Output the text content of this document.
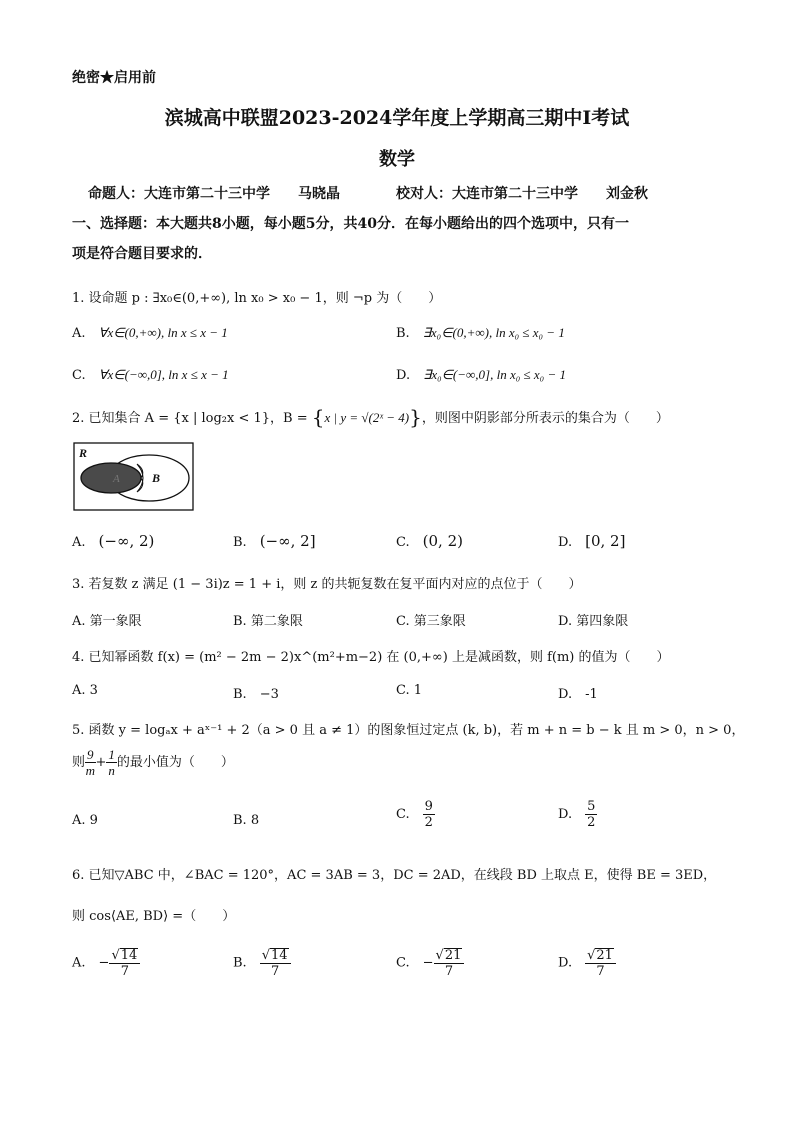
绝密★启用前
滨城高中联盟2023-2024学年度上学期高三期中Ⅰ考试
数学
命题人：大连市第二十三中学　　马晓晶　　　　校对人：大连市第二十三中学　　刘金秋
一、选择题：本大题共8小题，每小题5分，共40分．在每小题给出的四个选项中，只有一
项是符合题目要求的．
1. 设命题 p : ∃x₀∈(0,+∞), ln x₀ > x₀ − 1，则 ¬p 为（　　）
A.　 ∀x∈(0,+∞), ln x ≤ x − 1	B.　 ∃x₀∈(0,+∞), ln x₀ ≤ x₀ − 1
C.　 ∀x∈(−∞,0], ln x ≤ x − 1	D.　 ∃x₀∈(−∞,0], ln x₀ ≤ x₀ − 1
2. 已知集合 A = {x | log₂x < 1}，B = {x | y = √(2ˣ − 4)}，则图中阴影部分所表示的集合为（　　）
R
A	B
A.　 (−∞, 2)	B.　 (−∞, 2]	C.　 (0, 2)	D.　 [0, 2]
3. 若复数 z 满足 (1 − 3i)z = 1 + i，则 z 的共轭复数在复平面内对应的点位于（　　）
A. 第一象限	B. 第二象限	C. 第三象限	D. 第四象限
4. 已知幂函数 f(x) = (m² − 2m − 2)x^(m²+m−2) 在 (0,+∞) 上是减函数，则 f(m) 的值为（　　）
A. 3	B.　 −3	C. 1	D.　 -1
5. 函数 y = logₐx + aˣ⁻¹ + 2（a > 0 且 a ≠ 1）的图象恒过定点 (k, b)，若 m + n = b − k 且 m > 0，n > 0，
则 $\frac{9}{m} + \frac{1}{n}$ 的最小值为（　　）
A. 9	B. 8	C.　 $\frac{9}{2}$	D.　 $\frac{5}{2}$
6. 已知▽ABC 中，∠BAC = 120°，AC = 3AB = 3，DC = 2AD，在线段 BD 上取点 E，使得 BE = 3ED，
则 cos⟨AE, BD⟩ =（　　）
A.　 − $\frac{√14}{7}$	B.　 $\frac{√14}{7}$	C.　 − $\frac{√21}{7}$	D.　 $\frac{√21}{7}$
